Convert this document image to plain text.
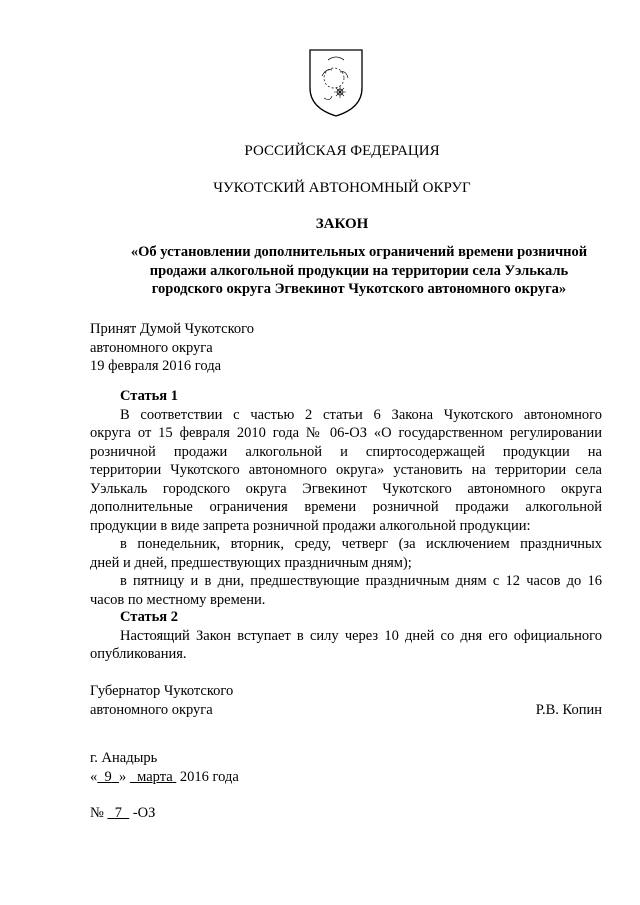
РОССИЙСКАЯ ФЕДЕРАЦИЯ
ЧУКОТСКИЙ АВТОНОМНЫЙ ОКРУГ
ЗАКОН
«Об установлении дополнительных ограничений времени розничной
продажи алкогольной продукции на территории села Уэлькаль
городского округа Эгвекинот Чукотского автономного округа»
Принят Думой Чукотского
автономного округа
19 февраля 2016 года
Статья 1
В соответствии с частью 2 статьи 6 Закона Чукотского автономного
округа от 15 февраля 2010 года № 06-ОЗ «О государственном регулировании
розничной продажи алкогольной и спиртосодержащей продукции на
территории Чукотского автономного округа» установить на территории села
Уэлькаль городского округа Эгвекинот Чукотского автономного округа
дополнительные ограничения времени розничной продажи алкогольной
продукции в виде запрета розничной продажи алкогольной продукции:
в понедельник, вторник, среду, четверг (за исключением праздничных
дней и дней, предшествующих праздничным дням);
в пятницу и в дни, предшествующие праздничным дням с 12 часов до 16
часов по местному времени.
Статья 2
Настоящий Закон вступает в силу через 10 дней со дня его официального
опубликования.
Губернатор Чукотского
автономного округа	Р.В. Копин
г. Анадырь
« 9 » марта  2016 года
№   7   -ОЗ
